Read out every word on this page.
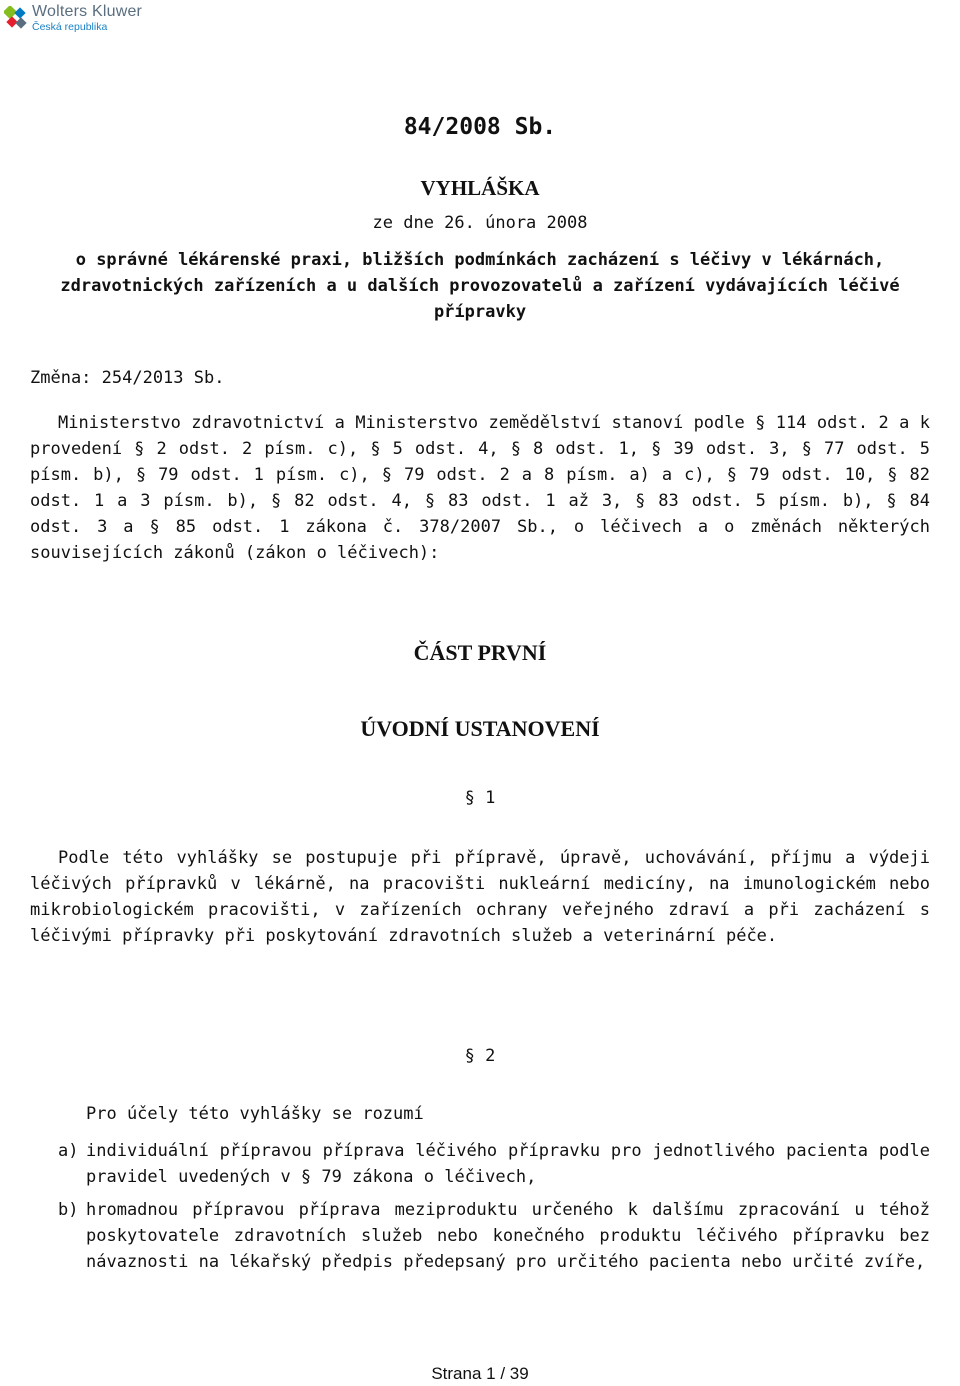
Wolters Kluwer
Česká republika
84/2008 Sb.
VYHLÁŠKA
ze dne 26. února 2008
o správné lékárenské praxi, bližších podmínkách zacházení s léčivy v lékárnách, zdravotnických zařízeních a u dalších provozovatelů a zařízení vydávajících léčivé přípravky
Změna: 254/2013 Sb.
Ministerstvo zdravotnictví a Ministerstvo zemědělství stanoví podle § 114 odst. 2 a k provedení § 2 odst. 2 písm. c), § 5 odst. 4, § 8 odst. 1, § 39 odst. 3, § 77 odst. 5 písm. b), § 79 odst. 1 písm. c), § 79 odst. 2 a 8 písm. a) a c), § 79 odst. 10, § 82 odst. 1 a 3 písm. b), § 82 odst. 4, § 83 odst. 1 až 3, § 83 odst. 5 písm. b), § 84 odst. 3 a § 85 odst. 1 zákona č. 378/2007 Sb., o léčivech a o změnách některých souvisejících zákonů (zákon o léčivech):
ČÁST PRVNÍ
ÚVODNÍ USTANOVENÍ
§ 1
Podle této vyhlášky se postupuje při přípravě, úpravě, uchovávání, příjmu a výdeji léčivých přípravků v lékárně, na pracovišti nukleární medicíny, na imunologickém nebo mikrobiologickém pracovišti, v zařízeních ochrany veřejného zdraví a při zacházení s léčivými přípravky při poskytování zdravotních služeb a veterinární péče.
§ 2
Pro účely této vyhlášky se rozumí
a) individuální přípravou příprava léčivého přípravku pro jednotlivého pacienta podle pravidel uvedených v § 79 zákona o léčivech,
b) hromadnou přípravou příprava meziproduktu určeného k dalšímu zpracování u téhož poskytovatele zdravotních služeb nebo konečného produktu léčivého přípravku bez návaznosti na lékařský předpis předepsaný pro určitého pacienta nebo určité zvíře,
Strana 1 / 39
